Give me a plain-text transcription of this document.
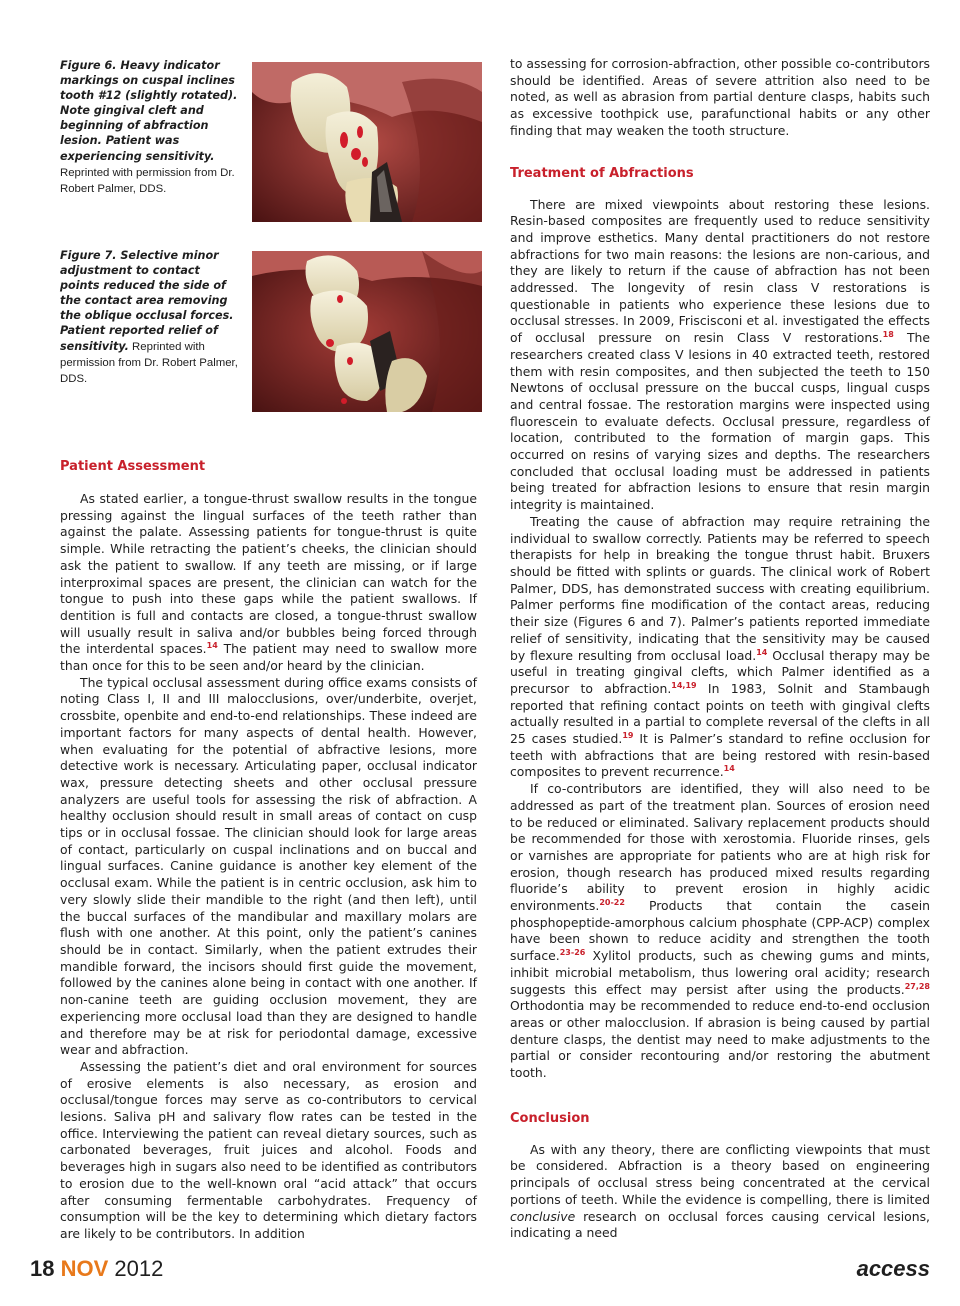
Figure 6. Heavy indicator markings on cuspal inclines tooth #12 (slightly rotated). Note gingival cleft and beginning of abfraction lesion. Patient was experiencing sensitivity. Reprinted with permission from Dr. Robert Palmer, DDS.
Figure 7. Selective minor adjustment to contact points reduced the side of the contact area removing the oblique occlusal forces. Patient reported relief of sensitivity. Reprinted with permission from Dr. Robert Palmer, DDS.
Patient Assessment

As stated earlier, a tongue-thrust swallow results in the tongue pressing against the lingual surfaces of the teeth rather than against the palate. Assessing patients for tongue-thrust is quite simple. While retracting the patient’s cheeks, the clinician should ask the patient to swallow. If any teeth are missing, or if large interproximal spaces are present, the clinician can watch for the tongue to push into these gaps while the patient swallows. If dentition is full and contacts are closed, a tongue-thrust swallow will usually result in saliva and/or bubbles being forced through the interdental spaces.$^{14}$ The patient may need to swallow more than once for this to be seen and/or heard by the clinician.

The typical occlusal assessment during office exams consists of noting Class I, II and III malocclusions, over/underbite, overjet, crossbite, openbite and end-to-end relationships. These indeed are important factors for many aspects of dental health. However, when evaluating for the potential of abfractive lesions, more detective work is necessary. Articulating paper, occlusal indicator wax, pressure detecting sheets and other occlusal pressure analyzers are useful tools for assessing the risk of abfraction. A healthy occlusion should result in small areas of contact on cusp tips or in occlusal fossae. The clinician should look for large areas of contact, particularly on cuspal inclinations and on buccal and lingual surfaces. Canine guidance is another key element of the occlusal exam. While the patient is in centric occlusion, ask him to very slowly slide their mandible to the right (and then left), until the buccal surfaces of the mandibular and maxillary molars are flush with one another. At this point, only the patient’s canines should be in contact. Similarly, when the patient extrudes their mandible forward, the incisors should first guide the movement, followed by the canines alone being in contact with one another. If non-canine teeth are guiding occlusion movement, they are experiencing more occlusal load than they are designed to handle and therefore may be at risk for periodontal damage, excessive wear and abfraction.

Assessing the patient’s diet and oral environment for sources of erosive elements is also necessary, as erosion and occlusal/tongue forces may serve as co-contributors to cervical lesions. Saliva pH and salivary flow rates can be tested in the office. Interviewing the patient can reveal dietary sources, such as carbonated beverages, fruit juices and alcohol. Foods and beverages high in sugars also need to be identified as contributors to erosion due to the well-known oral “acid attack” that occurs after consuming fermentable carbohydrates. Frequency of consumption will be the key to determining which dietary factors are likely to be contributors. In addition

to assessing for corrosion-abfraction, other possible co-contributors should be identified. Areas of severe attrition also need to be noted, as well as abrasion from partial denture clasps, habits such as excessive toothpick use, parafunctional habits or any other finding that may weaken the tooth structure.

Treatment of Abfractions

There are mixed viewpoints about restoring these lesions. Resin-based composites are frequently used to reduce sensitivity and improve esthetics. Many dental practitioners do not restore abfractions for two main reasons: the lesions are non-carious, and they are likely to return if the cause of abfraction has not been addressed. The longevity of resin class V restorations is questionable in patients who experience these lesions due to occlusal stresses. In 2009, Friscisconi et al. investigated the effects of occlusal pressure on resin Class V restorations.$^{18}$ The researchers created class V lesions in 40 extracted teeth, restored them with resin composites, and then subjected the teeth to 150 Newtons of occlusal pressure on the buccal cusps, lingual cusps and central fossae. The restoration margins were inspected using fluorescein to evaluate defects. Occlusal pressure, regardless of location, contributed to the formation of margin gaps. This occurred on resins of varying sizes and depths. The researchers concluded that occlusal loading must be addressed in patients being treated for abfraction lesions to ensure that resin margin integrity is maintained.

Treating the cause of abfraction may require retraining the individual to swallow correctly. Patients may be referred to speech therapists for help in breaking the tongue thrust habit. Bruxers should be fitted with splints or guards. The clinical work of Robert Palmer, DDS, has demonstrated success with creating equilibrium. Palmer performs fine modification of the contact areas, reducing their size (Figures 6 and 7). Palmer’s patients reported immediate relief of sensitivity, indicating that the sensitivity may be caused by flexure resulting from occlusal load.$^{14}$ Occlusal therapy may be useful in treating gingival clefts, which Palmer identified as a precursor to abfraction.$^{14,19}$ In 1983, Solnit and Stambaugh reported that refining contact points on teeth with gingival clefts actually resulted in a partial to complete reversal of the clefts in all 25 cases studied.$^{19}$ It is Palmer’s standard to refine occlusion for teeth with abfractions that are being restored with resin-based composites to prevent recurrence.$^{14}$

If co-contributors are identified, they will also need to be addressed as part of the treatment plan. Sources of erosion need to be reduced or eliminated. Salivary replacement products should be recommended for those with xerostomia. Fluoride rinses, gels or varnishes are appropriate for patients who are at high risk for erosion, though research has produced mixed results regarding fluoride’s ability to prevent erosion in highly acidic environments.$^{20-22}$ Products that contain the casein phosphopeptide-amorphous calcium phosphate (CPP-ACP) complex have been shown to reduce acidity and strengthen the tooth surface.$^{23-26}$ Xylitol products, such as chewing gums and mints, inhibit microbial metabolism, thus lowering oral acidity; research suggests this effect may persist after using the products.$^{27,28}$ Orthodontia may be recommended to reduce end-to-end occlusion areas or other malocclusion. If abrasion is being caused by partial denture clasps, the dentist may need to make adjustments to the partial or consider recontouring and/or restoring the abutment tooth.

Conclusion

As with any theory, there are conflicting viewpoints that must be considered. Abfraction is a theory based on engineering principals of occlusal stress being concentrated at the cervical portions of teeth. While the evidence is compelling, there is limited conclusive research on occlusal forces causing cervical lesions, indicating a need

18 NOV 2012	access
